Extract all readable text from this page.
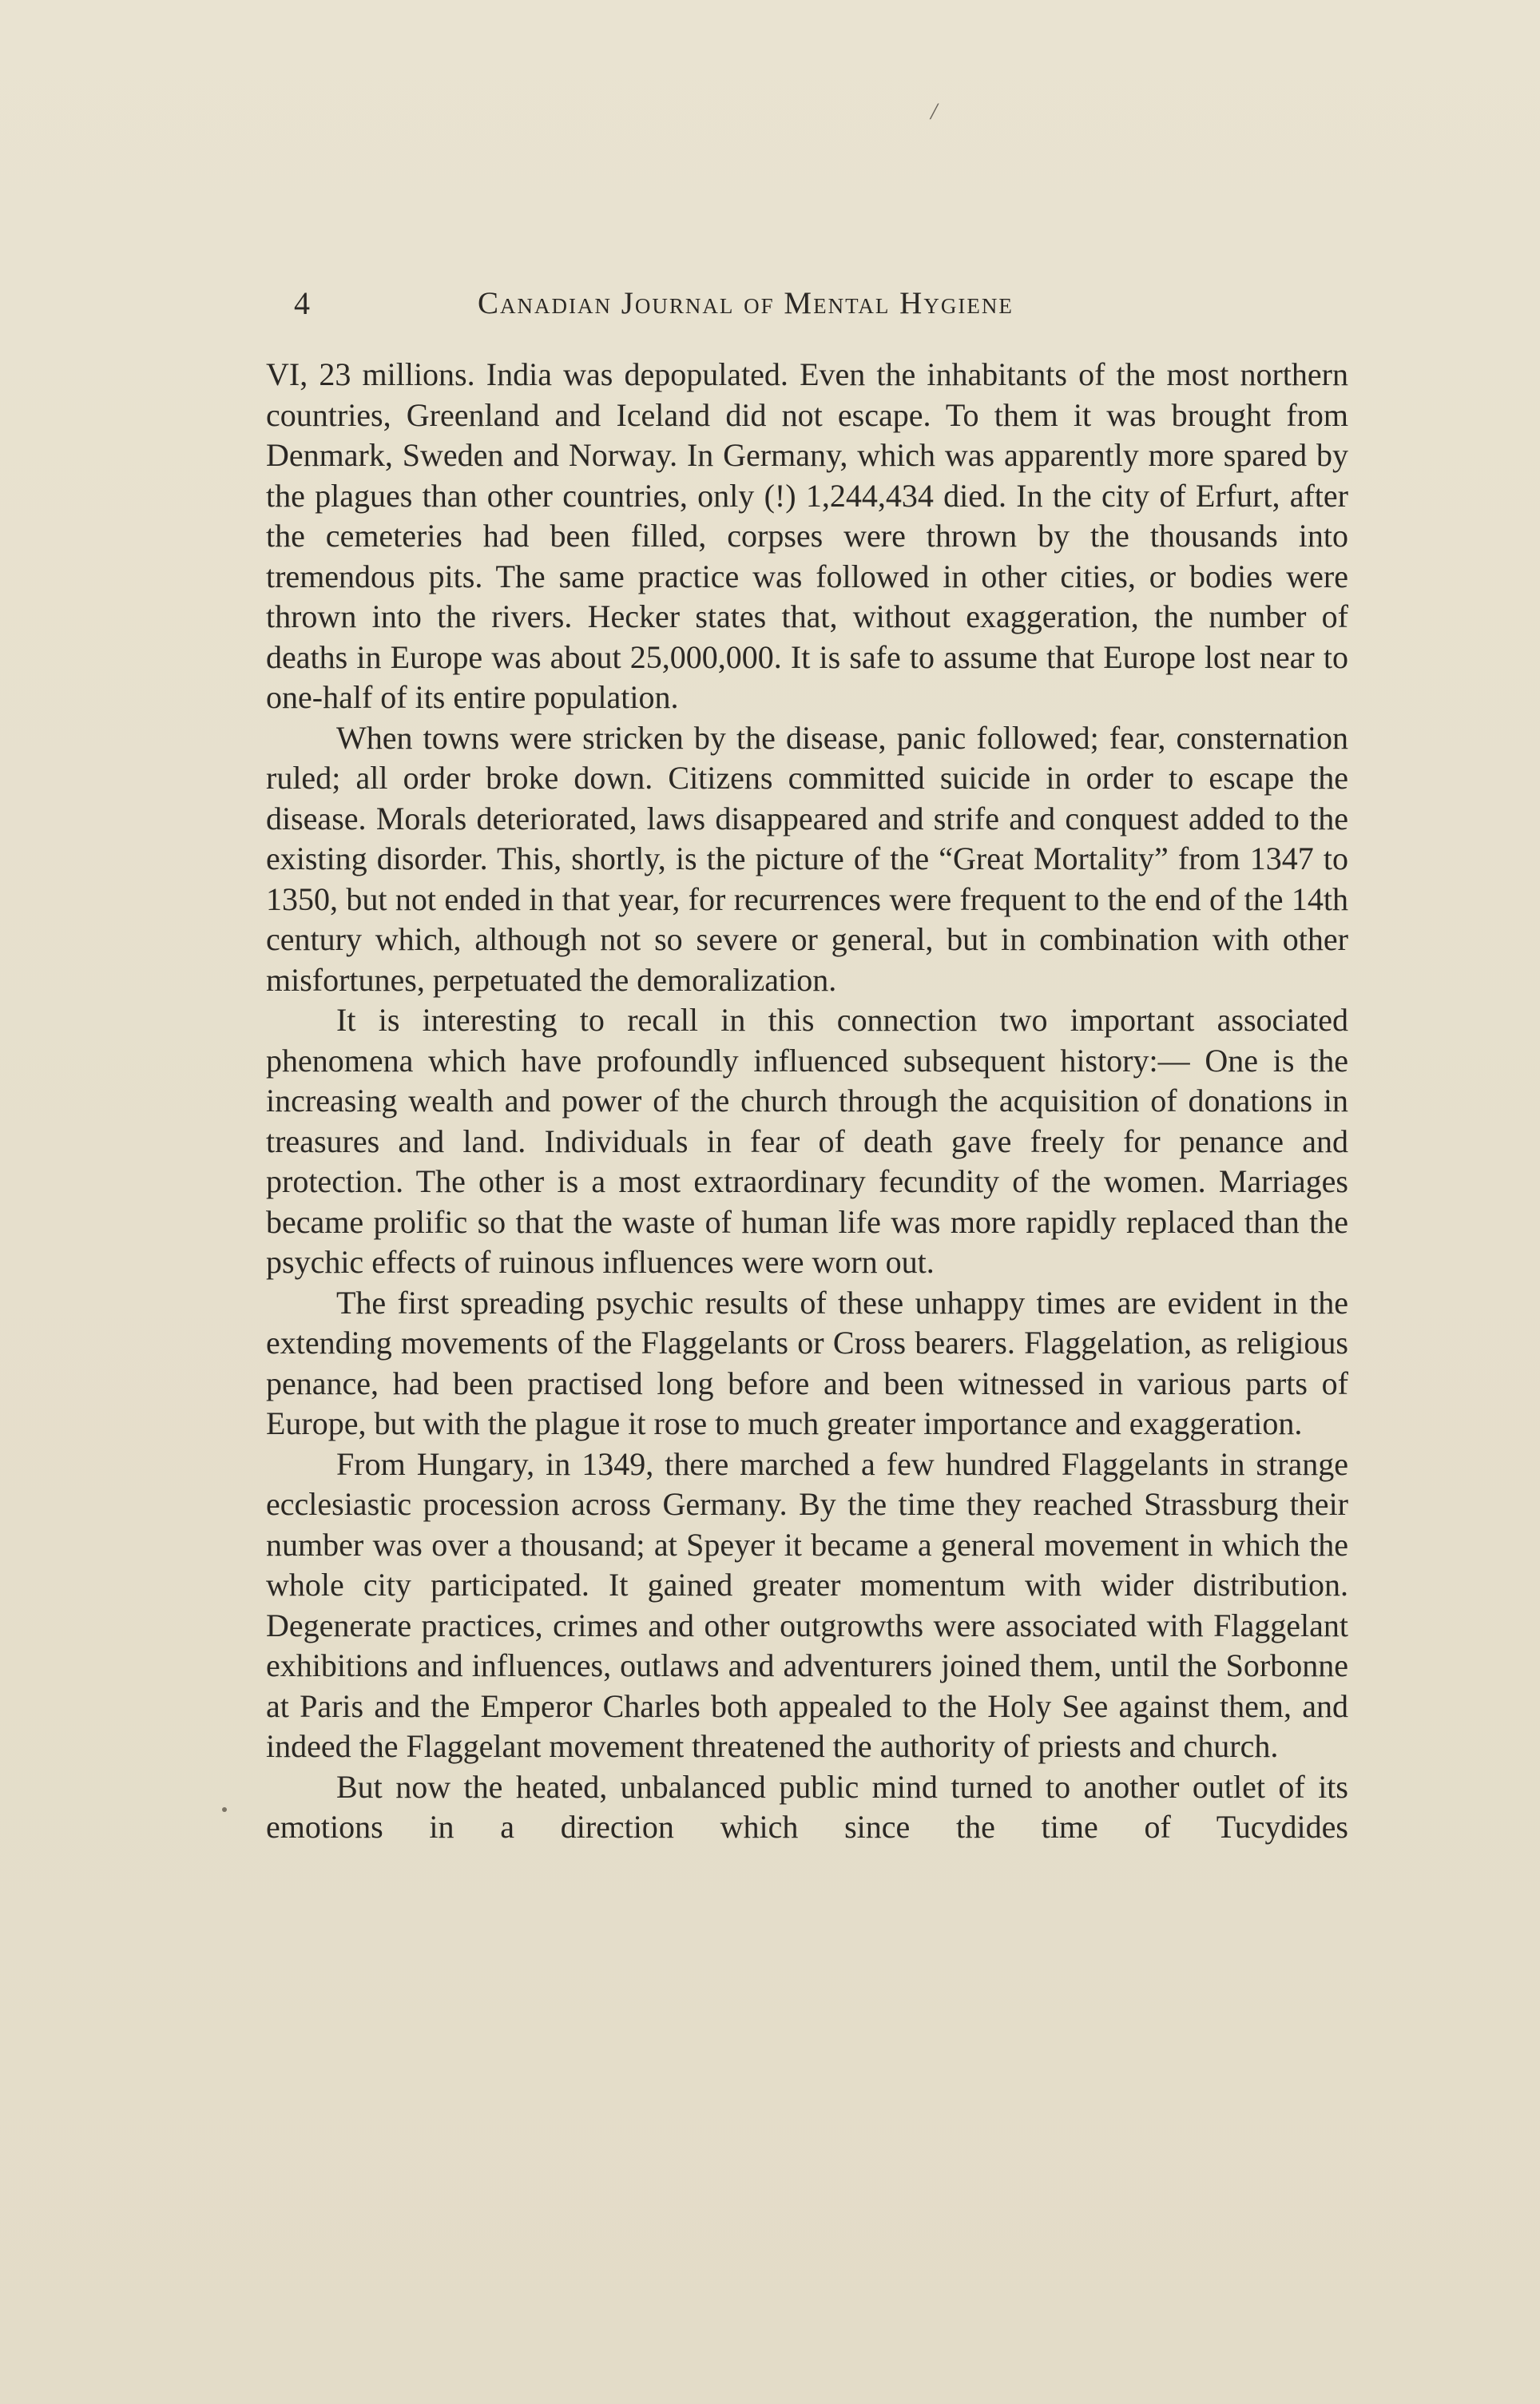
/
4	Canadian Journal of Mental Hygiene

VI, 23 millions. India was depopulated. Even the inhabitants of the most northern countries, Greenland and Iceland did not escape. To them it was brought from Denmark, Sweden and Norway. In Germany, which was apparently more spared by the plagues than other countries, only (!) 1,244,434 died. In the city of Erfurt, after the cemeteries had been filled, corpses were thrown by the thousands into tremendous pits. The same practice was followed in other cities, or bodies were thrown into the rivers. Hecker states that, without exaggeration, the number of deaths in Europe was about 25,000,000. It is safe to assume that Europe lost near to one-half of its entire population.

When towns were stricken by the disease, panic followed; fear, consternation ruled; all order broke down. Citizens committed suicide in order to escape the disease. Morals deteriorated, laws disappeared and strife and conquest added to the existing disorder. This, shortly, is the picture of the “Great Mortality” from 1347 to 1350, but not ended in that year, for recurrences were frequent to the end of the 14th century which, although not so severe or general, but in combination with other misfortunes, perpetuated the demoralization.

It is interesting to recall in this connection two important associated phenomena which have profoundly influenced subsequent history:— One is the increasing wealth and power of the church through the acquisition of donations in treasures and land. Individuals in fear of death gave freely for penance and protection. The other is a most extraordinary fecundity of the women. Marriages became prolific so that the waste of human life was more rapidly replaced than the psychic effects of ruinous influences were worn out.

The first spreading psychic results of these unhappy times are evident in the extending movements of the Flaggelants or Cross bearers. Flaggelation, as religious penance, had been practised long before and been witnessed in various parts of Europe, but with the plague it rose to much greater importance and exaggeration.

From Hungary, in 1349, there marched a few hundred Flaggelants in strange ecclesiastic procession across Germany. By the time they reached Strassburg their number was over a thousand; at Speyer it became a general movement in which the whole city participated. It gained greater momentum with wider distribution. Degenerate practices, crimes and other outgrowths were associated with Flaggelant exhibitions and influences, outlaws and adventurers joined them, until the Sorbonne at Paris and the Emperor Charles both appealed to the Holy See against them, and indeed the Flaggelant movement threatened the authority of priests and church.

But now the heated, unbalanced public mind turned to another outlet of its emotions in a direction which since the time of Tucydides
